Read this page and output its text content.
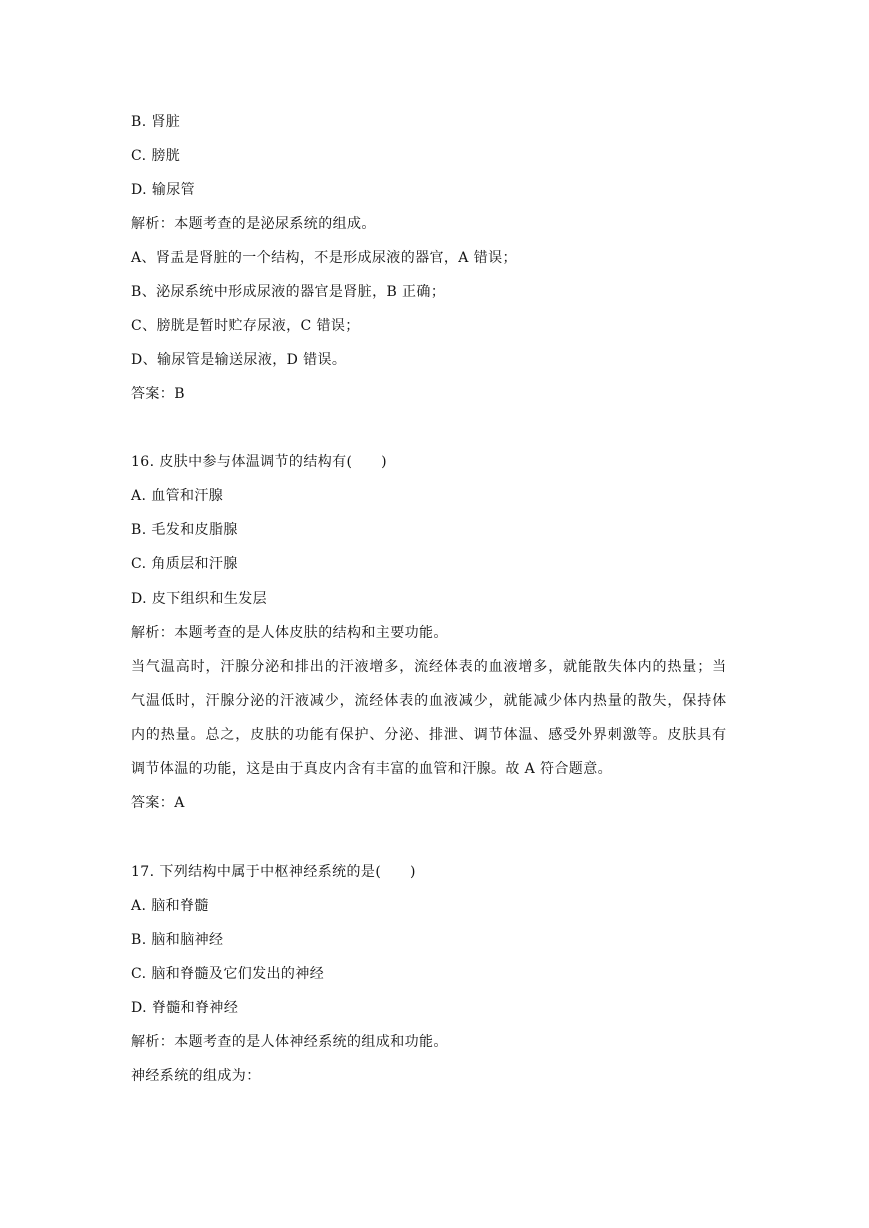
B. 肾脏
C. 膀胱
D. 输尿管
解析：本题考查的是泌尿系统的组成。
A、肾盂是肾脏的一个结构，不是形成尿液的器官，A 错误；
B、泌尿系统中形成尿液的器官是肾脏，B 正确；
C、膀胱是暂时贮存尿液，C 错误；
D、输尿管是输送尿液，D 错误。
答案：B
16. 皮肤中参与体温调节的结构有(　　)
A. 血管和汗腺
B. 毛发和皮脂腺
C. 角质层和汗腺
D. 皮下组织和生发层
解析：本题考查的是人体皮肤的结构和主要功能。
当气温高时，汗腺分泌和排出的汗液增多，流经体表的血液增多，就能散失体内的热量；当
气温低时，汗腺分泌的汗液减少，流经体表的血液减少，就能减少体内热量的散失，保持体
内的热量。总之，皮肤的功能有保护、分泌、排泄、调节体温、感受外界刺激等。皮肤具有
调节体温的功能，这是由于真皮内含有丰富的血管和汗腺。故 A 符合题意。
答案：A
17. 下列结构中属于中枢神经系统的是(　　)
A. 脑和脊髓
B. 脑和脑神经
C. 脑和脊髓及它们发出的神经
D. 脊髓和脊神经
解析：本题考查的是人体神经系统的组成和功能。
神经系统的组成为：
